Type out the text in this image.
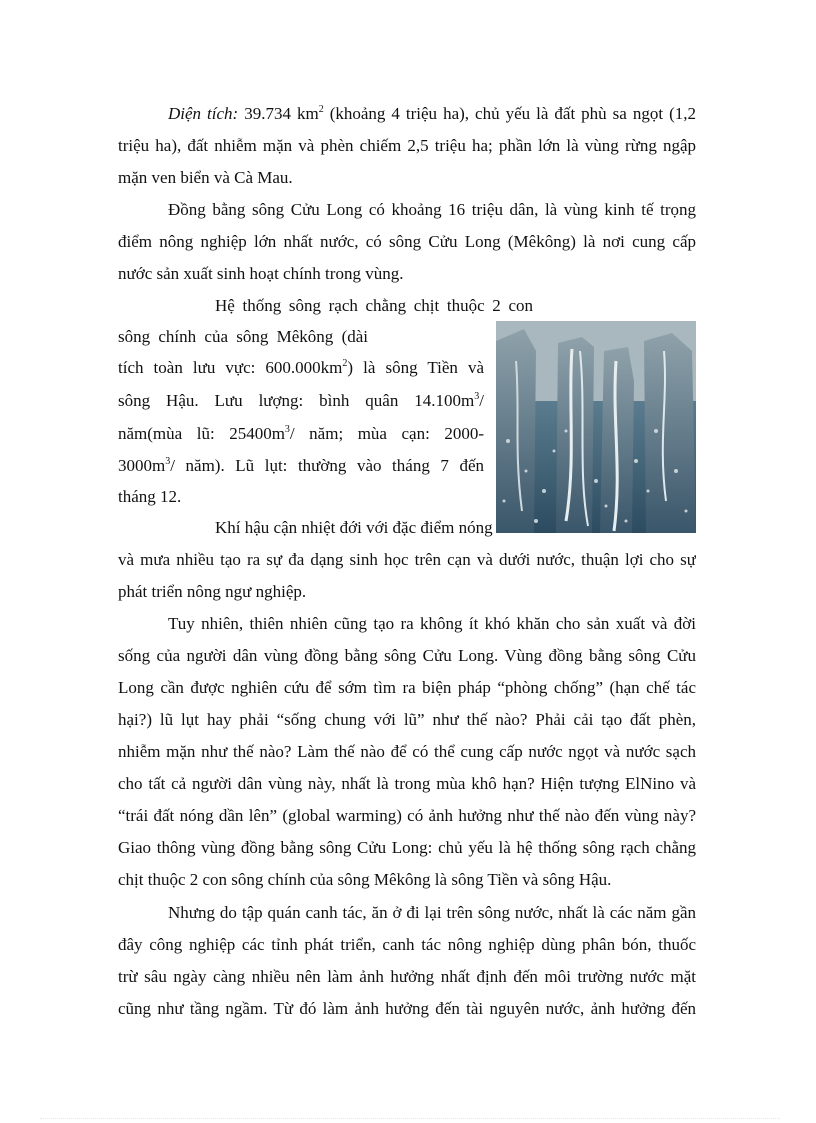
Diện tích: 39.734 $km^2$ (khoảng 4 triệu ha), chủ yếu là đất phù sa ngọt (1,2
triệu ha), đất nhiễm mặn và phèn chiếm 2,5 triệu ha; phần lớn là vùng rừng ngập
mặn ven biển và Cà Mau.
Đồng bằng sông Cửu Long có khoảng 16 triệu dân, là vùng kinh tế trọng
điểm nông nghiệp lớn nhất nước, có sông Cửu Long (Mêkông) là nơi cung cấp
nước sản xuất sinh hoạt chính trong vùng.
Hệ thống sông rạch chằng chịt thuộc 2 con
sông chính của sông Mêkông (dài
tích toàn lưu vực: $600.000km^2$) là sông Tiền và
sông Hậu. Lưu lượng: bình quân $14.100m^3/$
năm(mùa lũ: $25400m^3/$ năm; mùa cạn: 2000-
$3000m^3/$ năm). Lũ lụt: thường vào tháng 7 đến
tháng 12.
Khí hậu cận nhiệt đới với đặc điểm nóng
và mưa nhiều tạo ra sự đa dạng sinh học trên cạn và dưới nước, thuận lợi cho sự
phát triển nông ngư nghiệp.
Tuy nhiên, thiên nhiên cũng tạo ra không ít khó khăn cho sản xuất và đời
sống của người dân vùng đồng bằng sông Cửu Long. Vùng đồng bằng sông Cửu
Long cần được nghiên cứu để sớm tìm ra biện pháp “phòng chống” (hạn chế tác
hại?) lũ lụt hay phải “sống chung với lũ” như thế nào? Phải cải tạo đất phèn,
nhiễm mặn như thế nào? Làm thế nào để có thể cung cấp nước ngọt và nước sạch
cho tất cả người dân vùng này, nhất là trong mùa khô hạn? Hiện tượng ElNino và
“trái đất nóng dần lên” (global warming) có ảnh hưởng như thế nào đến vùng này?
Giao thông vùng đồng bằng sông Cửu Long: chủ yếu là hệ thống sông rạch chằng
chịt thuộc 2 con sông chính của sông Mêkông là sông Tiền và sông Hậu.
Nhưng do tập quán canh tác, ăn ở đi lại trên sông nước, nhất là các năm gần
đây công nghiệp các tỉnh phát triển, canh tác nông nghiệp dùng phân bón, thuốc
trừ sâu ngày càng nhiều nên làm ảnh hưởng nhất định đến môi trường nước mặt
cũng như tầng ngầm. Từ đó làm ảnh hưởng đến tài nguyên nước, ảnh hưởng đến
